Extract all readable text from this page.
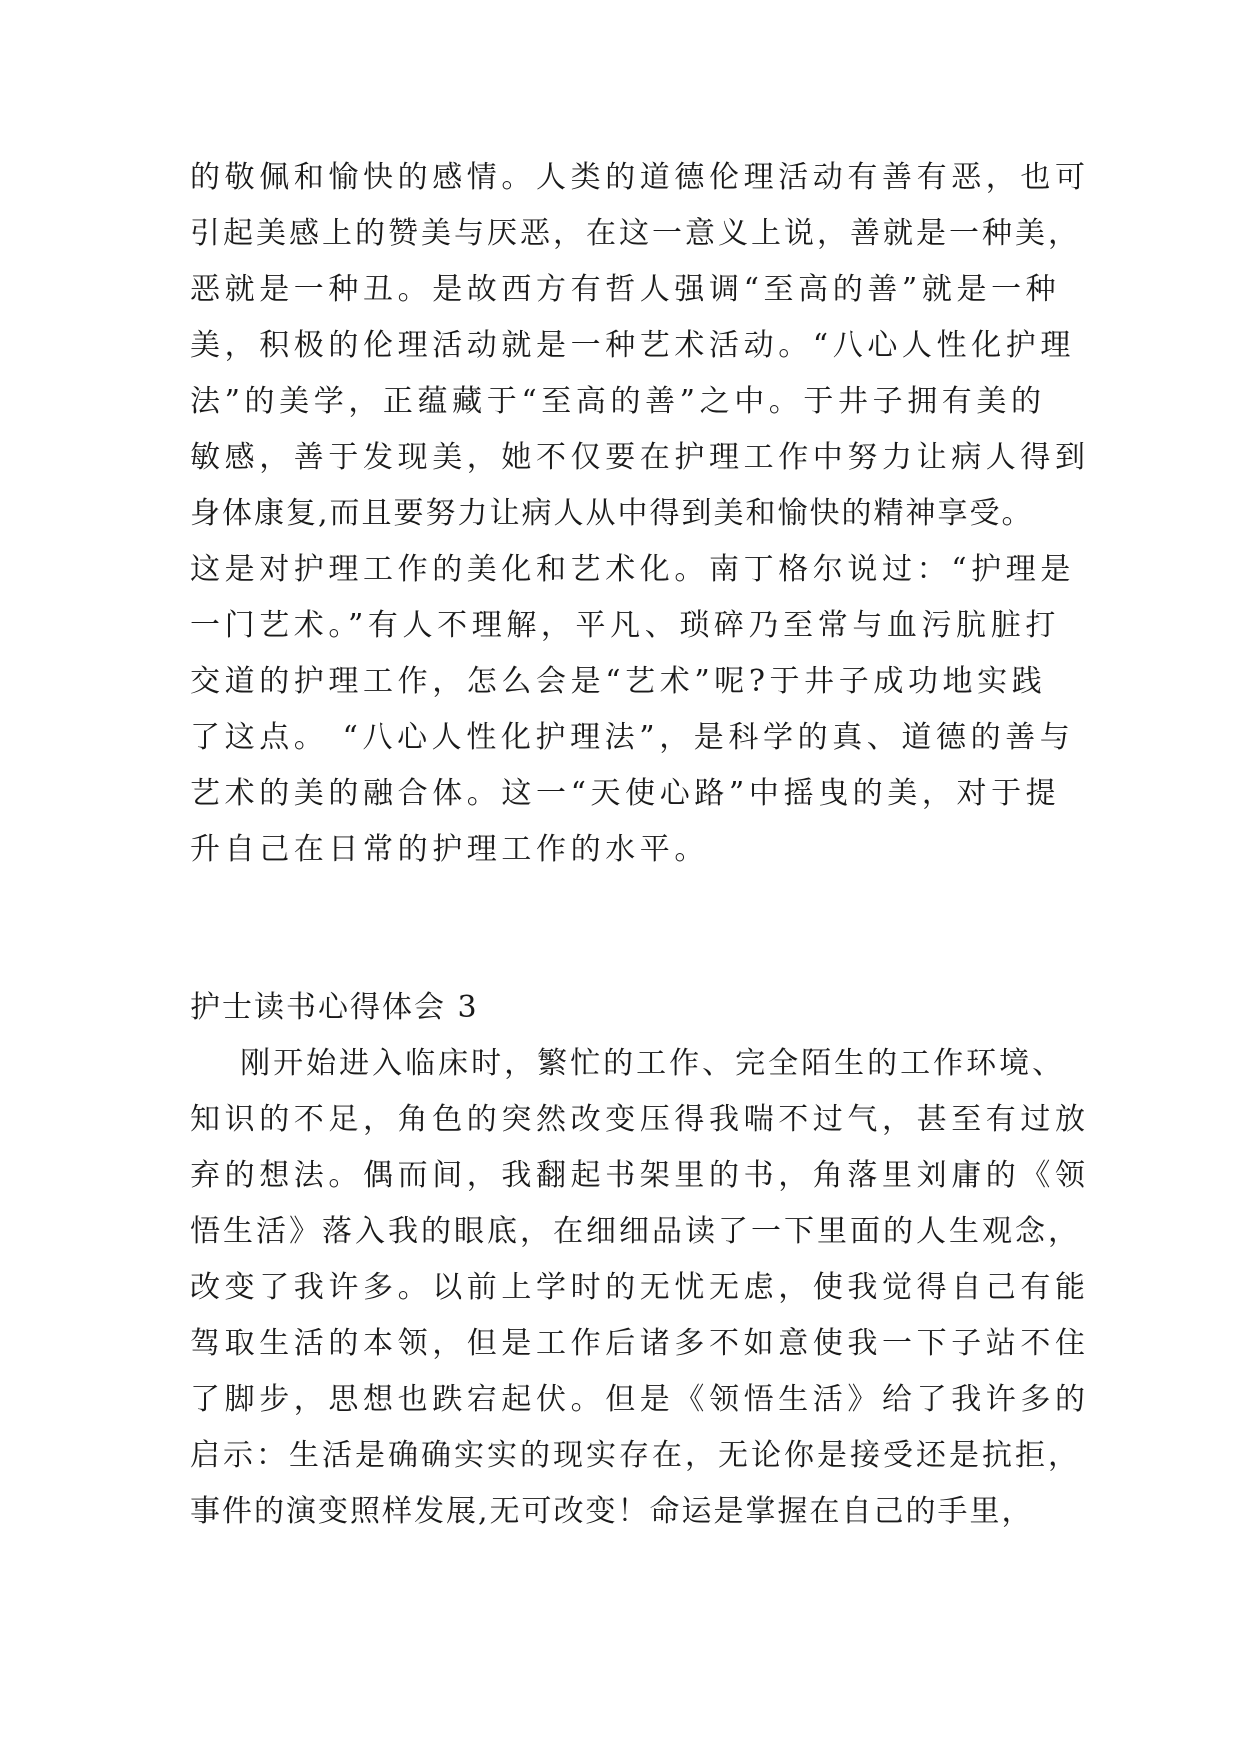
的敬佩和愉快的感情。人类的道德伦理活动有善有恶，也可
引起美感上的赞美与厌恶，在这一意义上说，善就是一种美，
恶就是一种丑。是故西方有哲人强调“至高的善”就是一种
美，积极的伦理活动就是一种艺术活动。“八心人性化护理
法”的美学，正蕴藏于“至高的善”之中。于井子拥有美的
敏感，善于发现美，她不仅要在护理工作中努力让病人得到
身体康复,而且要努力让病人从中得到美和愉快的精神享受。
这是对护理工作的美化和艺术化。南丁格尔说过：“护理是
一门艺术。”有人不理解，平凡、琐碎乃至常与血污肮脏打
交道的护理工作，怎么会是“艺术”呢?于井子成功地实践
了这点。 “八心人性化护理法”，是科学的真、道德的善与
艺术的美的融合体。这一“天使心路”中摇曳的美，对于提
升自己在日常的护理工作的水平。
护士读书心得体会 3
刚开始进入临床时，繁忙的工作、完全陌生的工作环境、
知识的不足，角色的突然改变压得我喘不过气，甚至有过放
弃的想法。偶而间，我翻起书架里的书，角落里刘庸的《领
悟生活》落入我的眼底，在细细品读了一下里面的人生观念，
改变了我许多。以前上学时的无忧无虑，使我觉得自己有能
驾取生活的本领，但是工作后诸多不如意使我一下子站不住
了脚步，思想也跌宕起伏。但是《领悟生活》给了我许多的
启示：生活是确确实实的现实存在，无论你是接受还是抗拒，
事件的演变照样发展,无可改变！命运是掌握在自己的手里，
